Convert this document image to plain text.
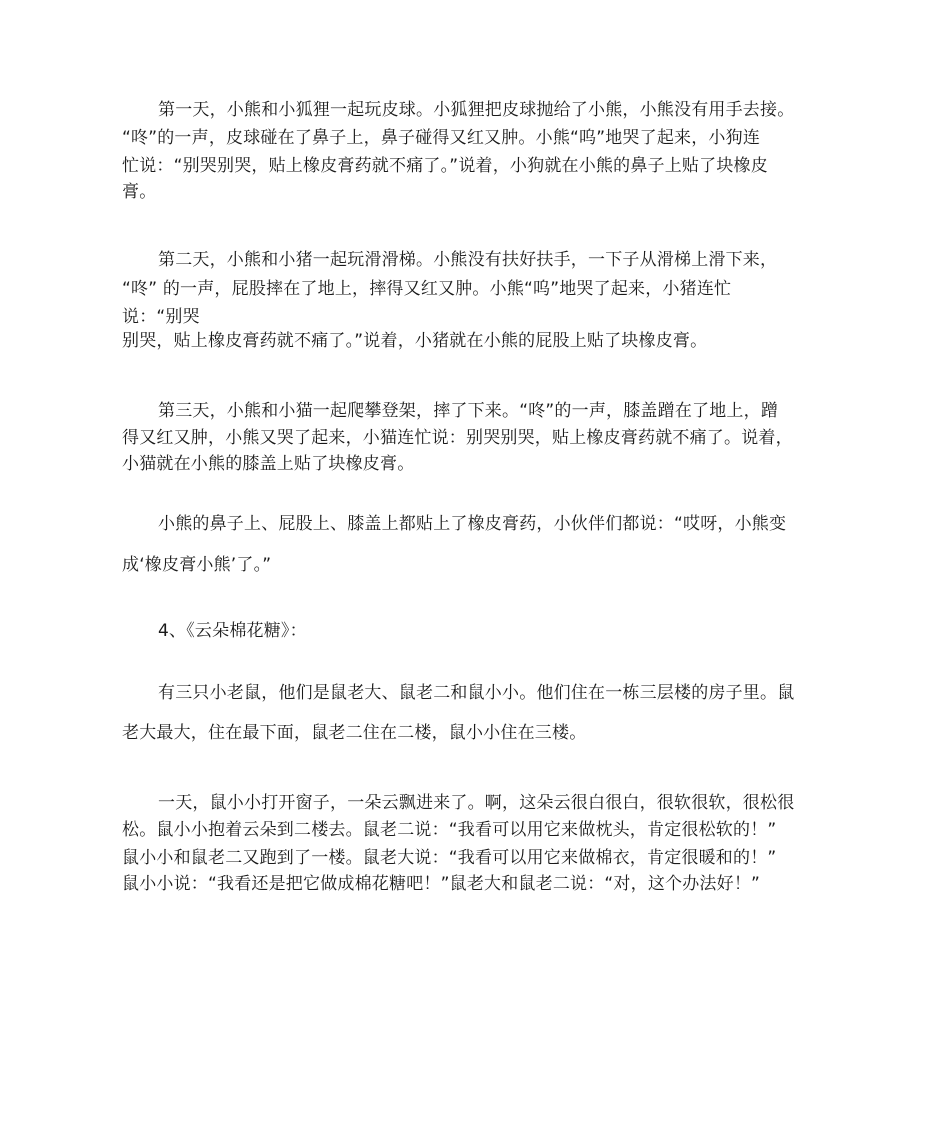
第一天，小熊和小狐狸一起玩皮球。小狐狸把皮球抛给了小熊，小熊没有用手去接。
“咚”的一声，皮球碰在了鼻子上，鼻子碰得又红又肿。小熊“呜”地哭了起来，小狗连
忙说：“别哭别哭，贴上橡皮膏药就不痛了。”说着，小狗就在小熊的鼻子上贴了块橡皮
膏。
第二天，小熊和小猪一起玩滑滑梯。小熊没有扶好扶手，一下子从滑梯上滑下来，
“咚” 的一声，屁股摔在了地上，摔得又红又肿。小熊“呜”地哭了起来，小猪连忙
说：“别哭
别哭，贴上橡皮膏药就不痛了。”说着，小猪就在小熊的屁股上贴了块橡皮膏。
第三天，小熊和小猫一起爬攀登架，摔了下来。“咚”的一声，膝盖蹭在了地上，蹭
得又红又肿，小熊又哭了起来，小猫连忙说：别哭别哭，贴上橡皮膏药就不痛了。说着，
小猫就在小熊的膝盖上贴了块橡皮膏。
小熊的鼻子上、屁股上、膝盖上都贴上了橡皮膏药，小伙伴们都说：“哎呀，小熊变
成‘橡皮膏小熊’了。”
4、《云朵棉花糖》：
有三只小老鼠，他们是鼠老大、鼠老二和鼠小小。他们住在一栋三层楼的房子里。鼠
老大最大，住在最下面，鼠老二住在二楼，鼠小小住在三楼。
一天，鼠小小打开窗子，一朵云飘进来了。啊，这朵云很白很白，很软很软，很松很
松。鼠小小抱着云朵到二楼去。鼠老二说：“我看可以用它来做枕头，肯定很松软的！”
鼠小小和鼠老二又跑到了一楼。鼠老大说：“我看可以用它来做棉衣，肯定很暖和的！”
鼠小小说：“我看还是把它做成棉花糖吧！”鼠老大和鼠老二说：“对，这个办法好！”
